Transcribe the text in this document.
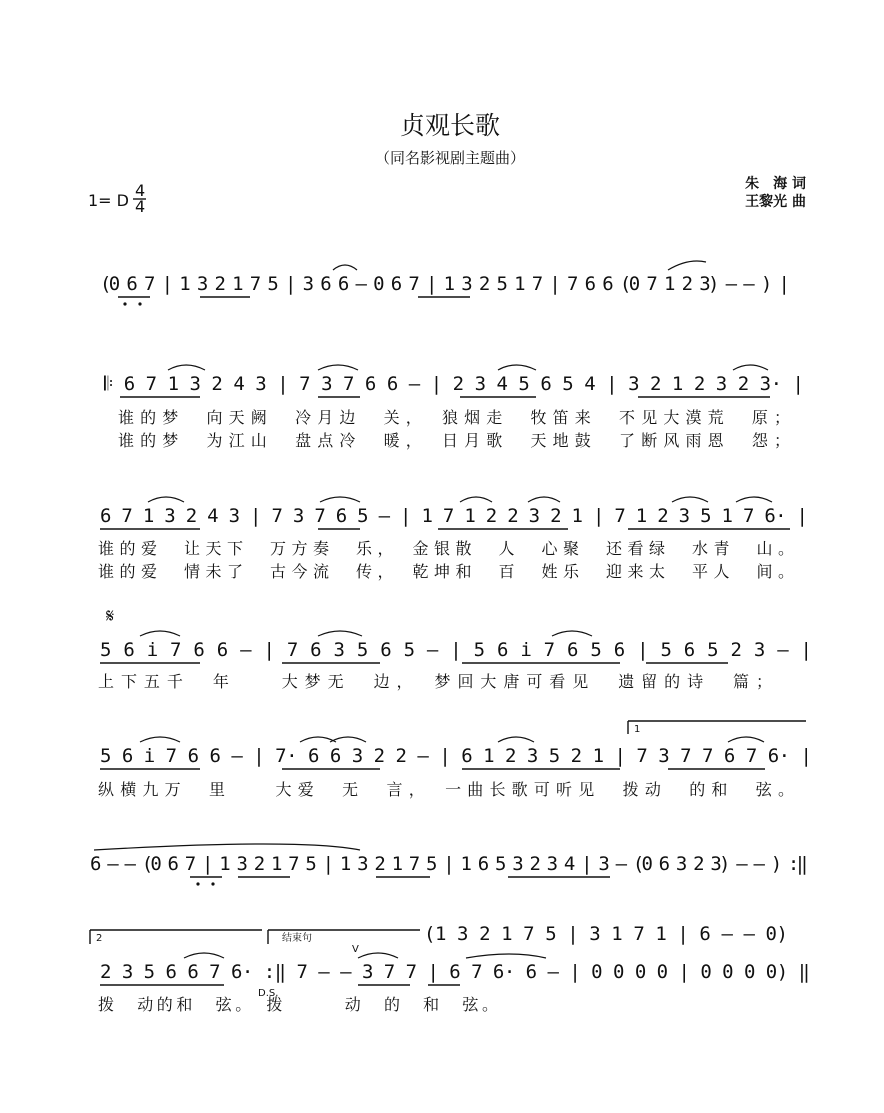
贞观长歌
（同名影视剧主题曲）
朱　海 词
王黎光 曲
1= D
4
4
(0 6 7 | 1 3 2 1 7 5 | 3 6 6 – 0 6 7 | 1 3 2 5 1 7 | 7 6 6 (0 7 1 2 3) – – ) |
𝄆 6 7 1 3 2 4 3 | 7 3 7 6 6 – | 2 3 4 5 6 5 4 | 3 2 1 2 3 2 3· |
谁的梦　向天阙　冷月边　关，　狼烟走　牧笛来　不见大漠荒　原；
谁的梦　为江山　盘点冷　暖，　日月歌　天地鼓　了断风雨恩　怨；
6 7 1 3 2 4 3 | 7 3 7 6 5 – | 1 7 1 2 2 3 2 1 | 7 1 2 3 5 1 7 6· |
谁的爱　让天下　万方奏　乐，　金银散　人　心聚　还看绿　水青　山。
谁的爱　情未了　古今流　传，　乾坤和　百　姓乐　迎来太　平人　间。
𝄋
5 6 i 7 6 6 – | 7 6 3 5 6 5 – | 5 6 i 7 6 5 6 | 5 6 5 2 3 – |
上下五千　年　　大梦无　边，　梦回大唐可看见　遗留的诗　篇；
1
5 6 i 7 6 6 – | 7· 6 6 3 2 2 – | 6 1 2 3 5 2 1 | 7 3 7 7 6 7 6· |
纵横九万　里　　大爱　无　言，　一曲长歌可听见　拨动　的和　弦。
6 – – (0 6 7 | 1 3 2 1 7 5 | 1 3 2 1 7 5 | 1 6 5 3 2 3 4 | 3 – (0 6 3 2 3) – – ) :‖
2	结束句	(1 3 2 1 7 5 | 3 1 7 1 | 6 – – 0)
V
2 3 5 6 6 7 6· :‖ 7 – – 3 7 7 | 6 7 6· 6 – | 0 0 0 0 | 0 0 0 0) ‖
D.S.
拨　动的和　弦。　拨　　　动　的　和　弦。
